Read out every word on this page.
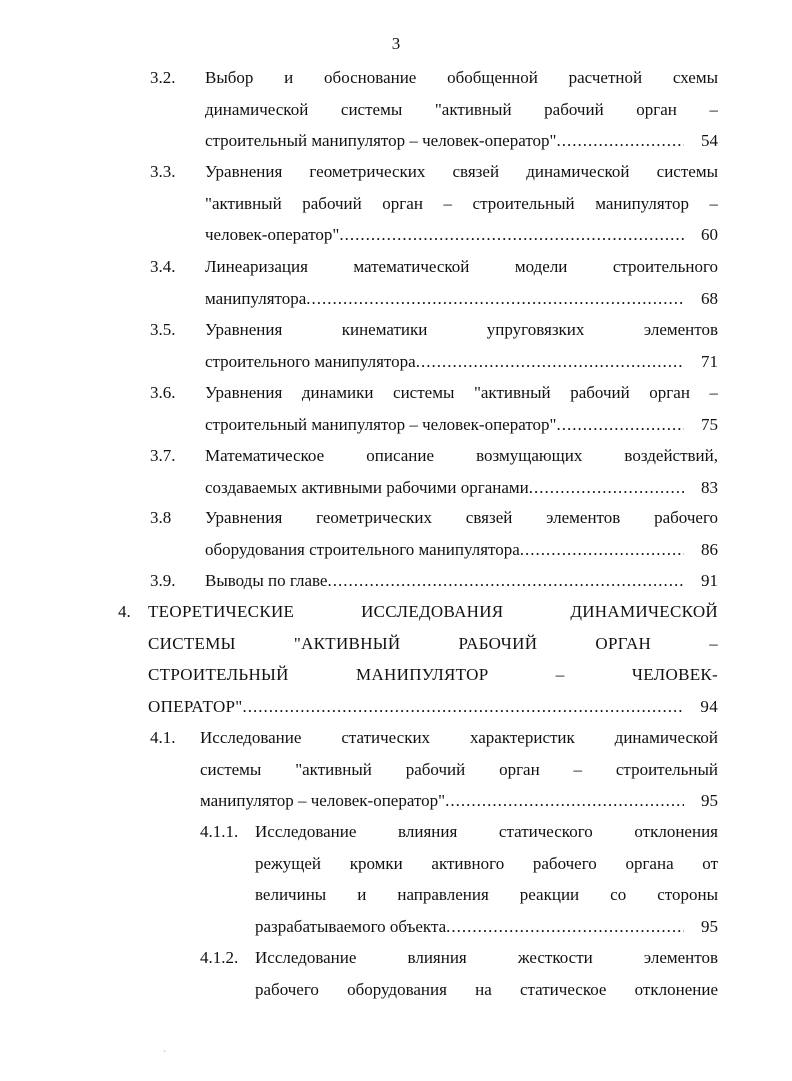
3
3.2. Выбор и обоснование обобщенной расчетной схемы
динамической системы "активный рабочий орган –
строительный манипулятор – человек-оператор" .....	54
3.3. Уравнения геометрических связей динамической системы
"активный рабочий орган – строительный манипулятор –
человек-оператор" .....	60
3.4. Линеаризация математической модели строительного
манипулятора .....	68
3.5. Уравнения кинематики упруговязких элементов
строительного манипулятора .....	71
3.6. Уравнения динамики системы "активный рабочий орган –
строительный манипулятор – человек-оператор" .....	75
3.7. Математическое описание возмущающих воздействий,
создаваемых активными рабочими органами .....	83
3.8 Уравнения геометрических связей элементов рабочего
оборудования строительного манипулятора .....	86
3.9. Выводы по главе .....	91
4. ТЕОРЕТИЧЕСКИЕ ИССЛЕДОВАНИЯ ДИНАМИЧЕСКОЙ
СИСТЕМЫ "АКТИВНЫЙ РАБОЧИЙ ОРГАН –
СТРОИТЕЛЬНЫЙ МАНИПУЛЯТОР – ЧЕЛОВЕК-
ОПЕРАТОР" .....	94
4.1. Исследование статических характеристик динамической
системы "активный рабочий орган – строительный
манипулятор – человек-оператор" .....	95
4.1.1. Исследование влияния статического отклонения
режущей кромки активного рабочего органа от
величины и направления реакции со стороны
разрабатываемого объекта .....	95
4.1.2. Исследование влияния жесткости элементов
рабочего оборудования на статическое отклонение
`
